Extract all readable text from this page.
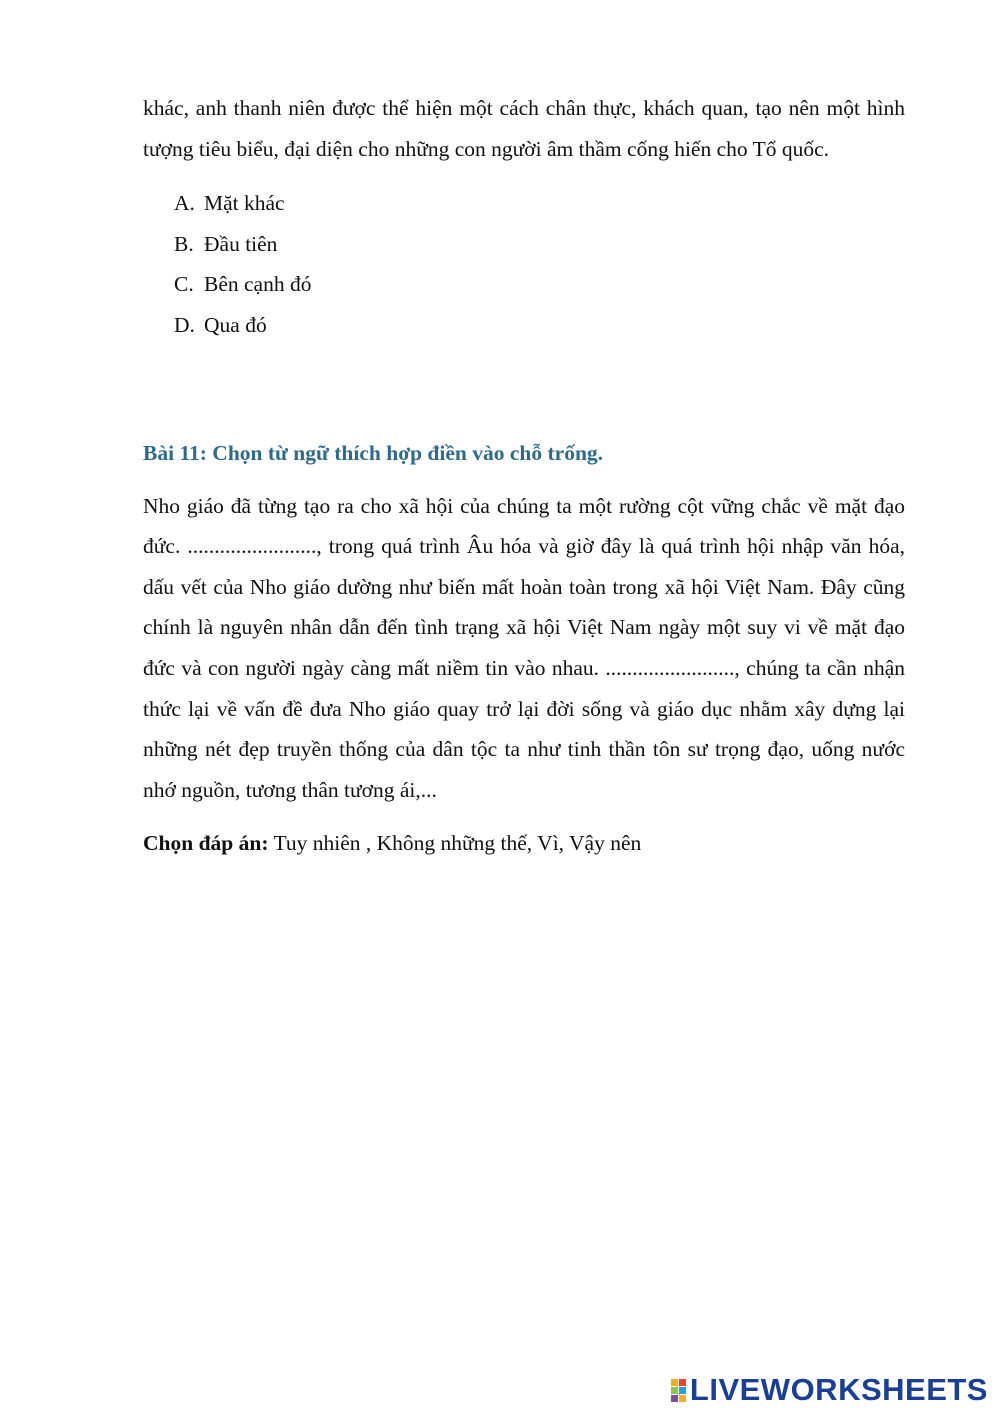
khác, anh thanh niên được thể hiện một cách chân thực, khách quan, tạo nên một hình tượng tiêu biểu, đại diện cho những con người âm thầm cống hiến cho Tổ quốc.

A. Mặt khác
B. Đầu tiên
C. Bên cạnh đó
D. Qua đó
Bài 11: Chọn từ ngữ thích hợp điền vào chỗ trống.

Nho giáo đã từng tạo ra cho xã hội của chúng ta một rường cột vững chắc về mặt đạo đức. ........................, trong quá trình Âu hóa và giờ đây là quá trình hội nhập văn hóa, dấu vết của Nho giáo dường như biến mất hoàn toàn trong xã hội Việt Nam. Đây cũng chính là nguyên nhân dẫn đến tình trạng xã hội Việt Nam ngày một suy vi về mặt đạo đức và con người ngày càng mất niềm tin vào nhau. ........................, chúng ta cần nhận thức lại về vấn đề đưa Nho giáo quay trở lại đời sống và giáo dục nhằm xây dựng lại những nét đẹp truyền thống của dân tộc ta như tinh thần tôn sư trọng đạo, uống nước nhớ nguồn, tương thân tương ái,...

Chọn đáp án: Tuy nhiên , Không những thế, Vì, Vậy nên
LIVEWORKSHEETS
